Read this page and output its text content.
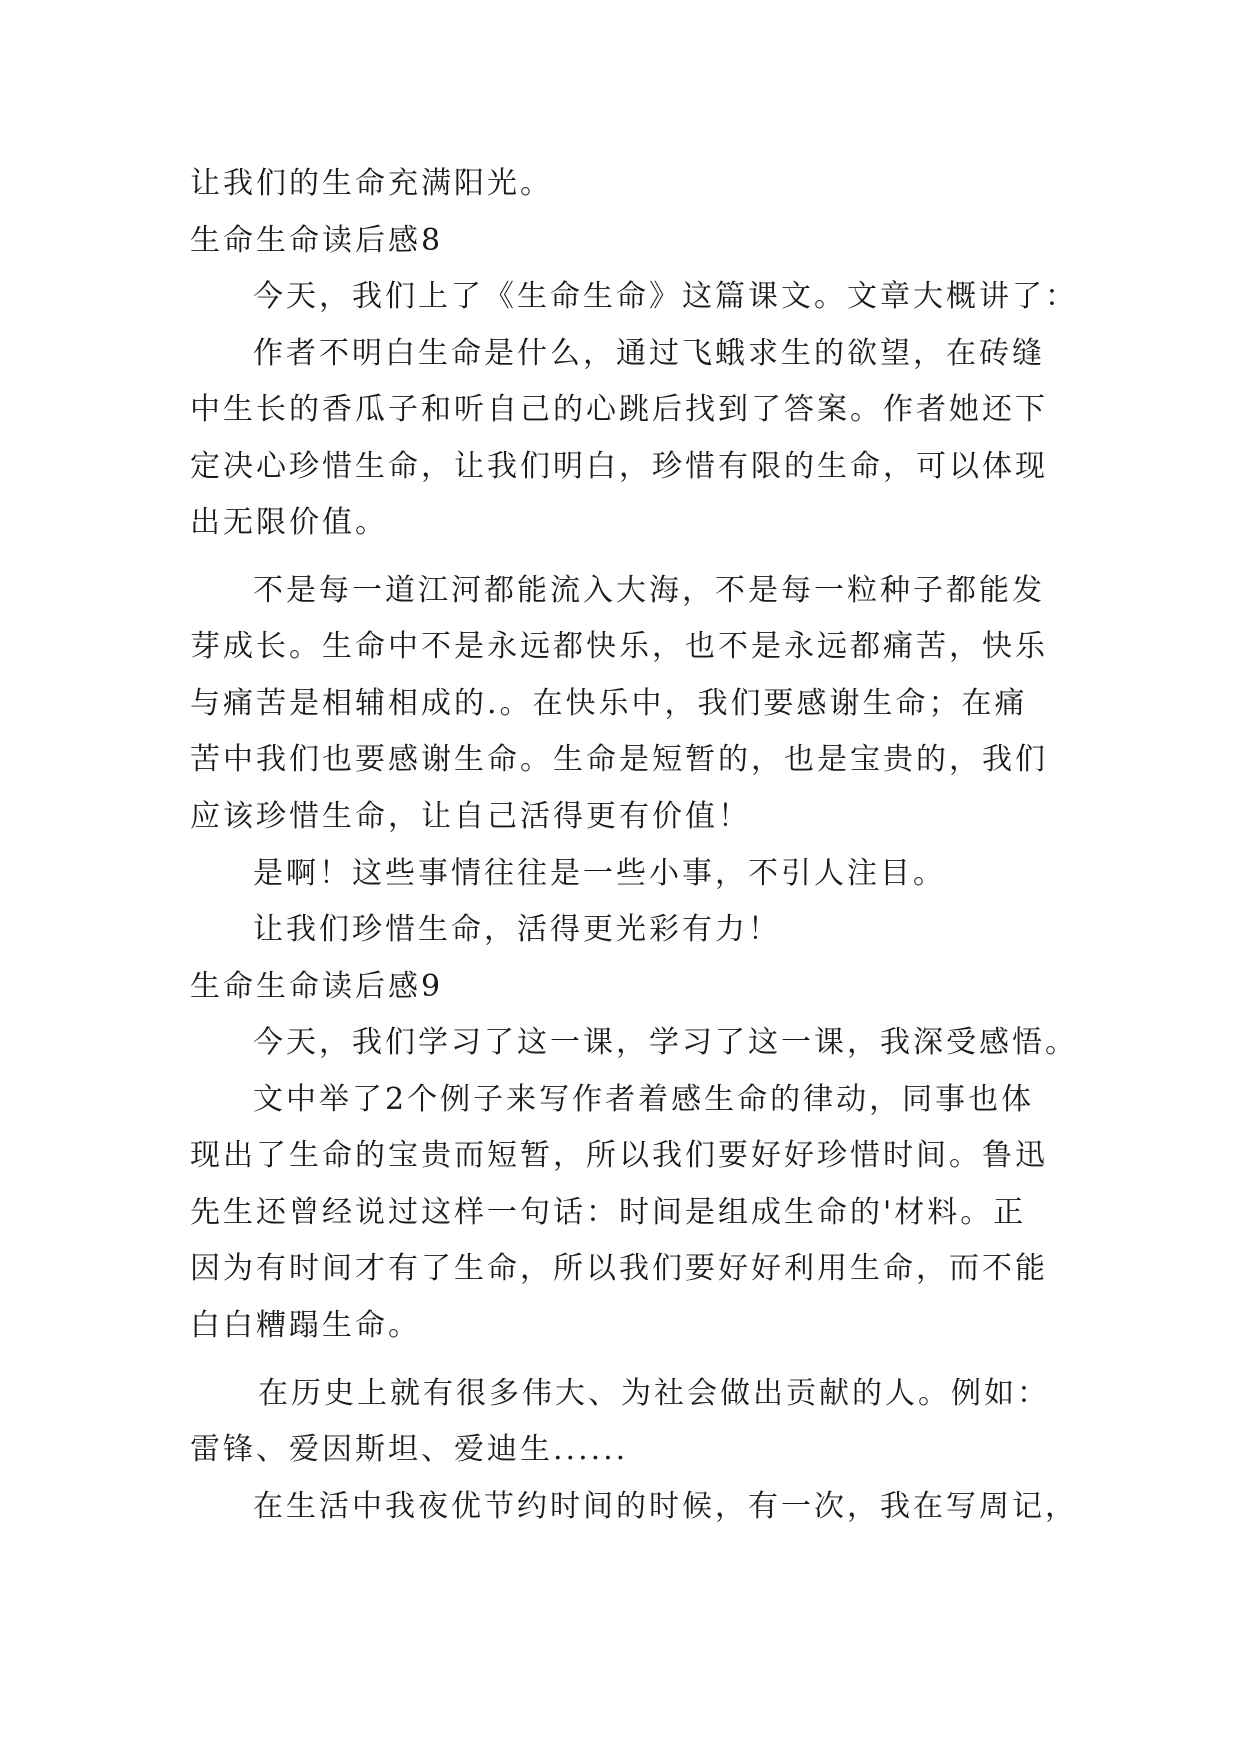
让我们的生命充满阳光。
生命生命读后感8
今天，我们上了《生命生命》这篇课文。文章大概讲了：
作者不明白生命是什么，通过飞蛾求生的欲望，在砖缝
中生长的香瓜子和听自己的心跳后找到了答案。作者她还下
定决心珍惜生命，让我们明白，珍惜有限的生命，可以体现
出无限价值。
不是每一道江河都能流入大海，不是每一粒种子都能发
芽成长。生命中不是永远都快乐，也不是永远都痛苦，快乐
与痛苦是相辅相成的.。在快乐中，我们要感谢生命；在痛
苦中我们也要感谢生命。生命是短暂的，也是宝贵的，我们
应该珍惜生命，让自己活得更有价值！
是啊！这些事情往往是一些小事，不引人注目。
让我们珍惜生命，活得更光彩有力！
生命生命读后感9
今天，我们学习了这一课，学习了这一课，我深受感悟。
文中举了2个例子来写作者着感生命的律动，同事也体
现出了生命的宝贵而短暂，所以我们要好好珍惜时间。鲁迅
先生还曾经说过这样一句话：时间是组成生命的'材料。正
因为有时间才有了生命，所以我们要好好利用生命，而不能
白白糟蹋生命。
在历史上就有很多伟大、为社会做出贡献的人。例如：
雷锋、爱因斯坦、爱迪生......
在生活中我夜优节约时间的时候，有一次，我在写周记，
